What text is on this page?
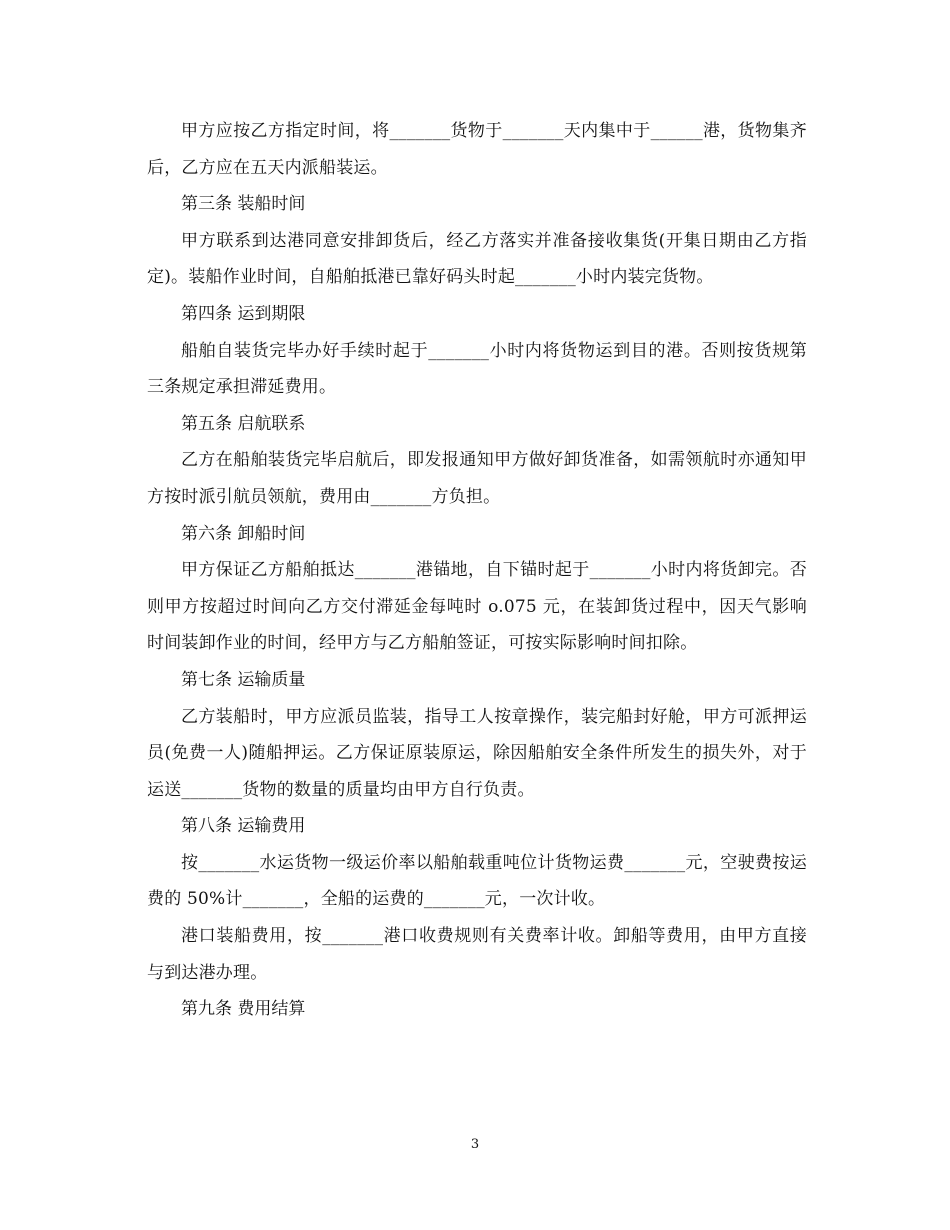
甲方应按乙方指定时间，将_______货物于_______天内集中于______港，货物集齐后，乙方应在五天内派船装运。

第三条 装船时间

甲方联系到达港同意安排卸货后，经乙方落实并准备接收集货(开集日期由乙方指定)。装船作业时间，自船舶抵港已靠好码头时起_______小时内装完货物。

第四条 运到期限

船舶自装货完毕办好手续时起于_______小时内将货物运到目的港。否则按货规第三条规定承担滞延费用。

第五条 启航联系

乙方在船舶装货完毕启航后，即发报通知甲方做好卸货准备，如需领航时亦通知甲方按时派引航员领航，费用由_______方负担。

第六条 卸船时间

甲方保证乙方船舶抵达_______港锚地，自下锚时起于_______小时内将货卸完。否则甲方按超过时间向乙方交付滞延金每吨时 o.075 元，在装卸货过程中，因天气影响时间装卸作业的时间，经甲方与乙方船舶签证，可按实际影响时间扣除。

第七条 运输质量

乙方装船时，甲方应派员监装，指导工人按章操作，装完船封好舱，甲方可派押运员(免费一人)随船押运。乙方保证原装原运，除因船舶安全条件所发生的损失外，对于运送_______货物的数量的质量均由甲方自行负责。

第八条 运输费用

按_______水运货物一级运价率以船舶载重吨位计货物运费_______元，空驶费按运费的 50%计_______，全船的运费的_______元，一次计收。

港口装船费用，按_______港口收费规则有关费率计收。卸船等费用，由甲方直接与到达港办理。

第九条 费用结算

3
